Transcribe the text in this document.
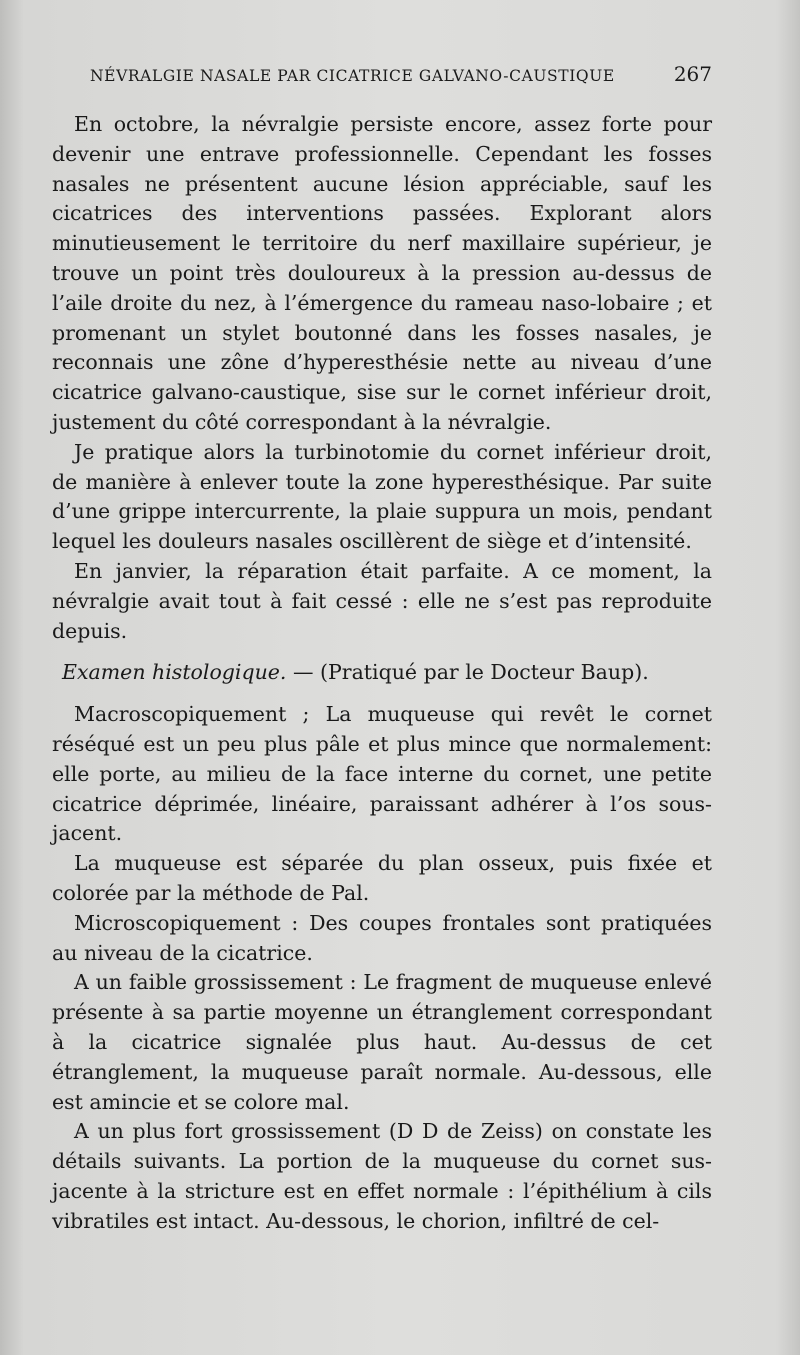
NÉVRALGIE NASALE PAR CICATRICE GALVANO-CAUSTIQUE	267

En octobre, la névralgie persiste encore, assez forte pour devenir une entrave professionnelle. Cependant les fosses nasales ne présentent aucune lésion appréciable, sauf les cicatrices des interventions passées. Explorant alors minutieusement le territoire du nerf maxillaire supérieur, je trouve un point très douloureux à la pression au-dessus de l’aile droite du nez, à l’émergence du rameau naso-lobaire ; et promenant un stylet boutonné dans les fosses nasales, je reconnais une zône d’hyperesthésie nette au niveau d’une cicatrice galvano-caustique, sise sur le cornet inférieur droit, justement du côté correspondant à la névralgie.

Je pratique alors la turbinotomie du cornet inférieur droit, de manière à enlever toute la zone hyperesthésique. Par suite d’une grippe intercurrente, la plaie suppura un mois, pendant lequel les douleurs nasales oscillèrent de siège et d’intensité.

En janvier, la réparation était parfaite. A ce moment, la névralgie avait tout à fait cessé : elle ne s’est pas reproduite depuis.

Examen histologique. — (Pratiqué par le Docteur Baup).

Macroscopiquement ; La muqueuse qui revêt le cornet réséqué est un peu plus pâle et plus mince que normalement: elle porte, au milieu de la face interne du cornet, une petite cicatrice déprimée, linéaire, paraissant adhérer à l’os sous-jacent.

La muqueuse est séparée du plan osseux, puis fixée et colorée par la méthode de Pal.

Microscopiquement : Des coupes frontales sont pratiquées au niveau de la cicatrice.

A un faible grossissement : Le fragment de muqueuse enlevé présente à sa partie moyenne un étranglement correspondant à la cicatrice signalée plus haut. Au-dessus de cet étranglement, la muqueuse paraît normale. Au-dessous, elle est amincie et se colore mal.

A un plus fort grossissement (D D de Zeiss) on constate les détails suivants. La portion de la muqueuse du cornet sus-jacente à la stricture est en effet normale : l’épithélium à cils vibratiles est intact. Au-dessous, le chorion, infiltré de cel-
